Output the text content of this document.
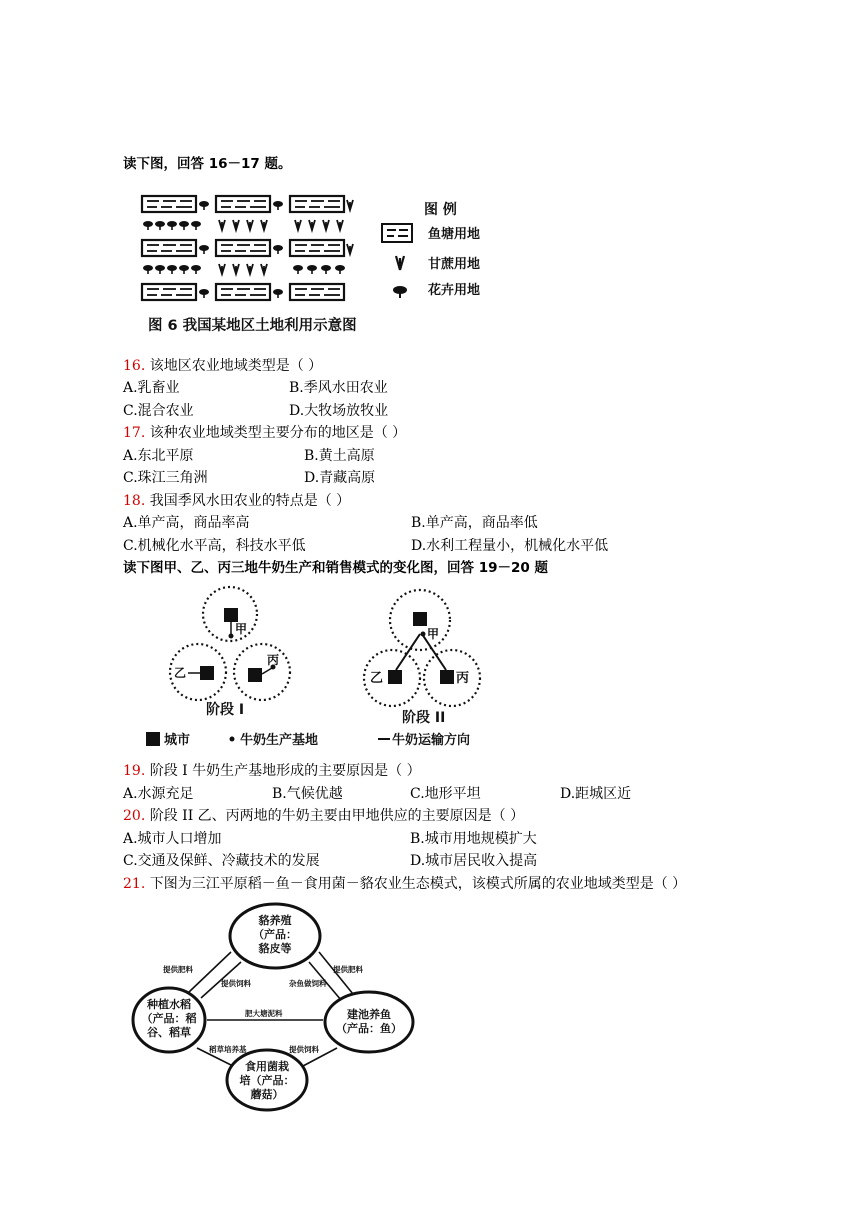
读下图，回答 16－17 题。
图 例
鱼塘用地
甘蔗用地
花卉用地
图 6 我国某地区土地利用示意图
16. 该地区农业地域类型是（ ）
A.乳畜业	B.季风水田农业
C.混合农业	D.大牧场放牧业
17. 该种农业地域类型主要分布的地区是（ ）
A.东北平原	B.黄土高原
C.珠江三角洲	D.青藏高原
18. 我国季风水田农业的特点是（ ）
A.单产高，商品率高	B.单产高，商品率低
C.机械化水平高，科技水平低	D.水利工程量小，机械化水平低
读下图甲、乙、丙三地牛奶生产和销售模式的变化图，回答 19－20 题
甲
乙
丙
阶段 I
甲
乙	丙
阶段 II
城市	牛奶生产基地	牛奶运输方向
19. 阶段 I 牛奶生产基地形成的主要原因是（ ）
A.水源充足	B.气候优越	C.地形平坦	D.距城区近
20. 阶段 II 乙、丙两地的牛奶主要由甲地供应的主要原因是（ ）
A.城市人口增加	B.城市用地规模扩大
C.交通及保鲜、冷藏技术的发展	D.城市居民收入提高
21. 下图为三江平原稻－鱼－食用菌－貉农业生态模式，该模式所属的农业地域类型是（ ）
貉养殖
（产品：
貉皮等
种植水稻
（产品：稻
谷、稻草
建池养鱼
（产品：鱼）
食用菌栽
培（产品：
蘑菇）
提供肥料	提供肥料
提供饲料	杂鱼做饲料
肥大塘泥料
稻草培养基	提供饲料
